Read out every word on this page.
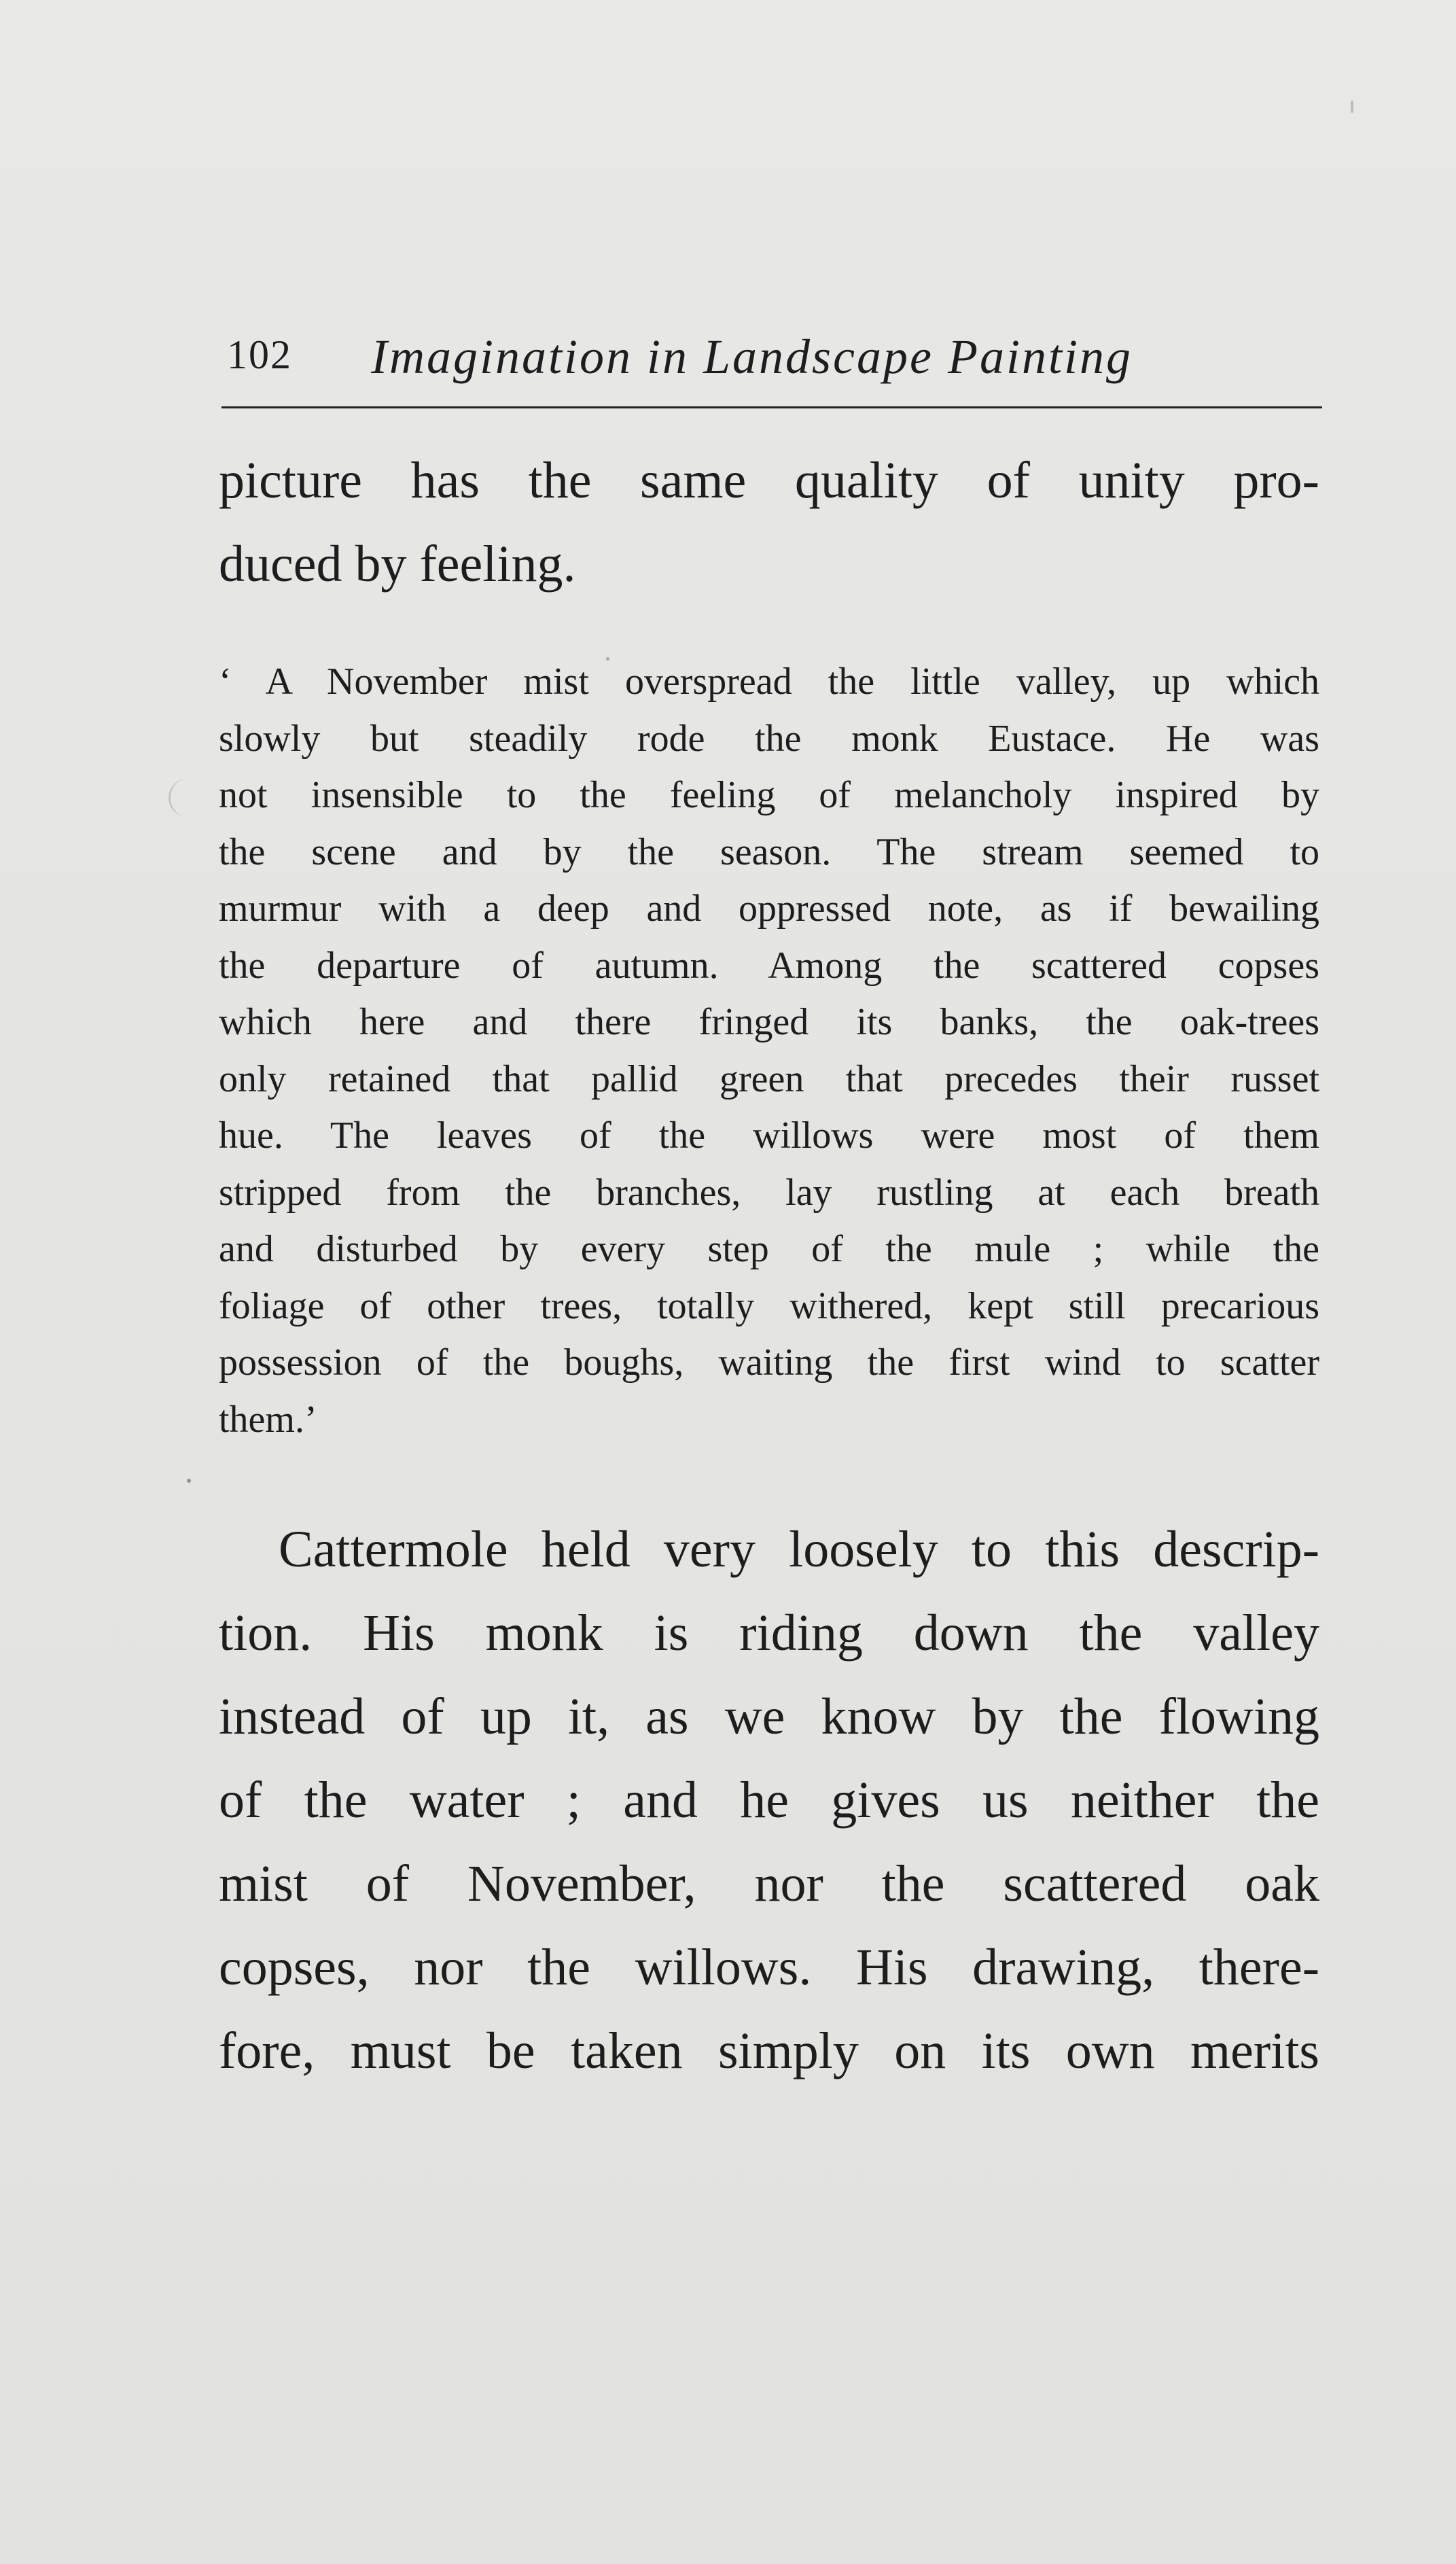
102 Imagination in Landscape Painting

picture has the same quality of unity pro-
duced by feeling.

‘ A November mist overspread the little valley, up which
slowly but steadily rode the monk Eustace. He was
not insensible to the feeling of melancholy inspired by
the scene and by the season. The stream seemed to
murmur with a deep and oppressed note, as if bewailing
the departure of autumn. Among the scattered copses
which here and there fringed its banks, the oak-trees
only retained that pallid green that precedes their russet
hue. The leaves of the willows were most of them
stripped from the branches, lay rustling at each breath
and disturbed by every step of the mule ; while the
foliage of other trees, totally withered, kept still precarious
possession of the boughs, waiting the first wind to scatter
them.’

Cattermole held very loosely to this descrip-
tion. His monk is riding down the valley
instead of up it, as we know by the flowing
of the water ; and he gives us neither the
mist of November, nor the scattered oak
copses, nor the willows. His drawing, there-
fore, must be taken simply on its own merits
